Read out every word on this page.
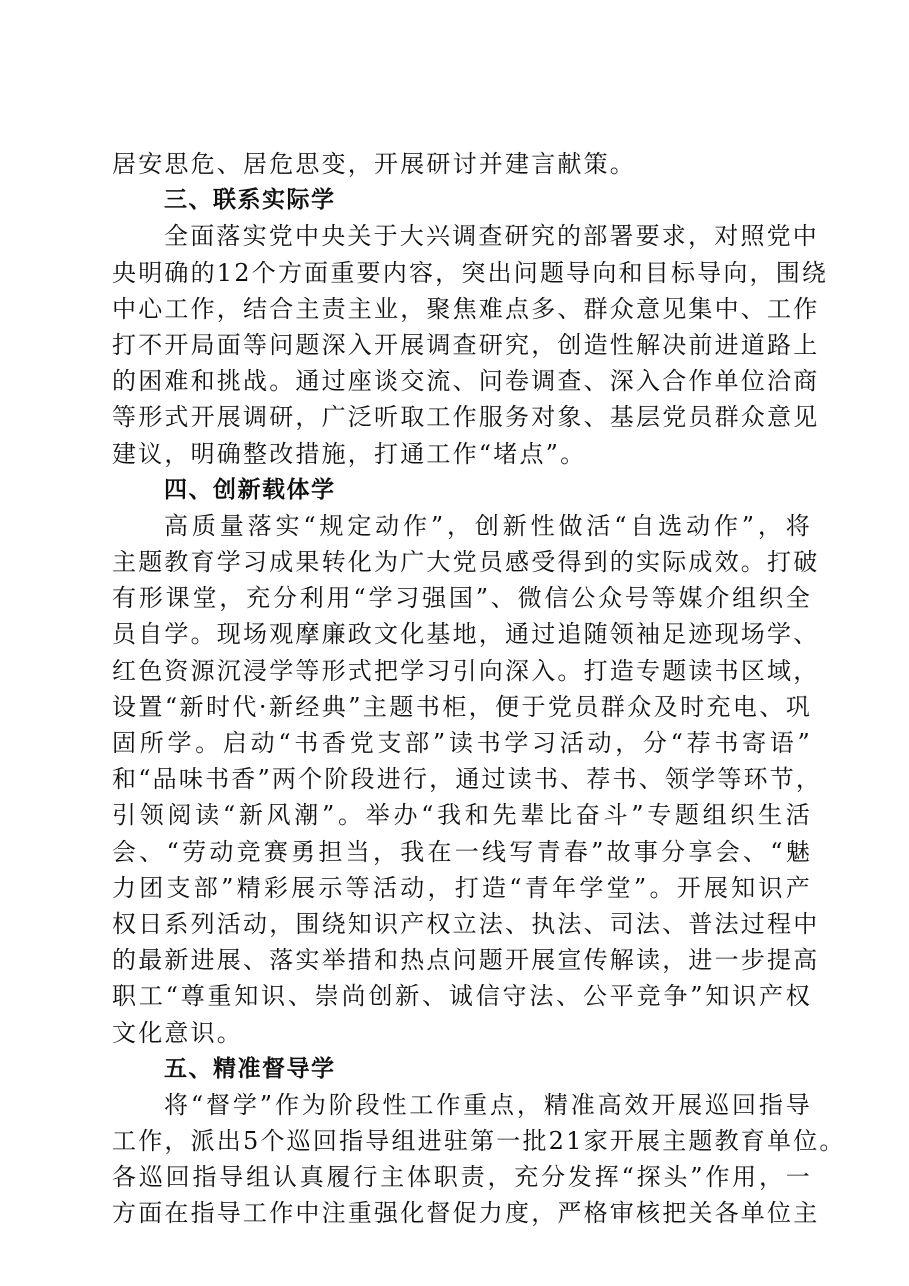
居安思危、居危思变，开展研讨并建言献策。
三、联系实际学
全面落实党中央关于大兴调查研究的部署要求，对照党中
央明确的12个方面重要内容，突出问题导向和目标导向，围绕
中心工作，结合主责主业，聚焦难点多、群众意见集中、工作
打不开局面等问题深入开展调查研究，创造性解决前进道路上
的困难和挑战。通过座谈交流、问卷调查、深入合作单位洽商
等形式开展调研，广泛听取工作服务对象、基层党员群众意见
建议，明确整改措施，打通工作“堵点”。
四、创新载体学
高质量落实“规定动作”，创新性做活“自选动作”，将
主题教育学习成果转化为广大党员感受得到的实际成效。打破
有形课堂，充分利用“学习强国”、微信公众号等媒介组织全
员自学。现场观摩廉政文化基地，通过追随领袖足迹现场学、
红色资源沉浸学等形式把学习引向深入。打造专题读书区域，
设置“新时代·新经典”主题书柜，便于党员群众及时充电、巩
固所学。启动“书香党支部”读书学习活动，分“荐书寄语”
和“品味书香”两个阶段进行，通过读书、荐书、领学等环节，
引领阅读“新风潮”。举办“我和先辈比奋斗”专题组织生活
会、“劳动竞赛勇担当，我在一线写青春”故事分享会、“魅
力团支部”精彩展示等活动，打造“青年学堂”。开展知识产
权日系列活动，围绕知识产权立法、执法、司法、普法过程中
的最新进展、落实举措和热点问题开展宣传解读，进一步提高
职工“尊重知识、崇尚创新、诚信守法、公平竞争”知识产权
文化意识。
五、精准督导学
将“督学”作为阶段性工作重点，精准高效开展巡回指导
工作，派出5个巡回指导组进驻第一批21家开展主题教育单位。
各巡回指导组认真履行主体职责，充分发挥“探头”作用，一
方面在指导工作中注重强化督促力度，严格审核把关各单位主
